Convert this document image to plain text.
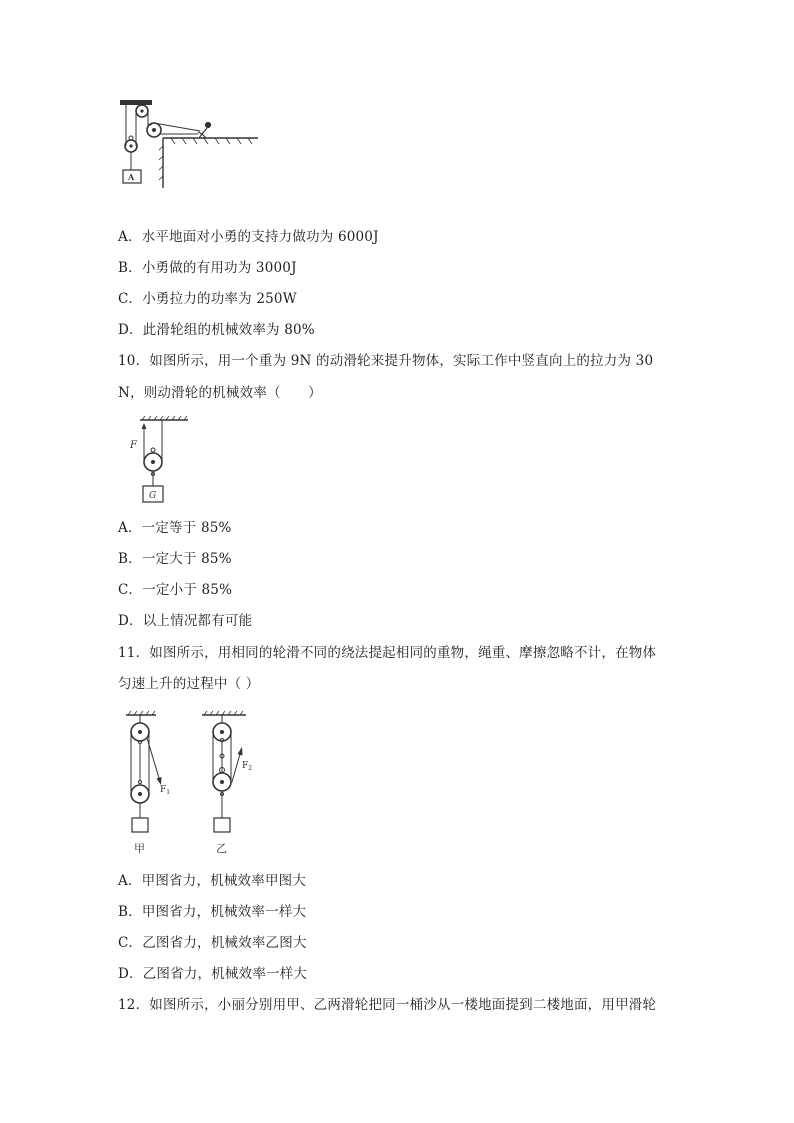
A
A．水平地面对小勇的支持力做功为 6000J
B．小勇做的有用功为 3000J
C．小勇拉力的功率为 250W
D．此滑轮组的机械效率为 80%
10．如图所示，用一个重为 9N 的动滑轮来提升物体，实际工作中竖直向上的拉力为 30
N，则动滑轮的机械效率（　　）
F
G
A．一定等于 85%
B．一定大于 85%
C．一定小于 85%
D．以上情况都有可能
11．如图所示，用相同的轮滑不同的绕法提起相同的重物，绳重、摩擦忽略不计，在物体
匀速上升的过程中（ ）
$F_1$
甲
$F_2$
乙
A．甲图省力，机械效率甲图大
B．甲图省力，机械效率一样大
C．乙图省力，机械效率乙图大
D．乙图省力，机械效率一样大
12．如图所示，小丽分别用甲、乙两滑轮把同一桶沙从一楼地面提到二楼地面，用甲滑轮
